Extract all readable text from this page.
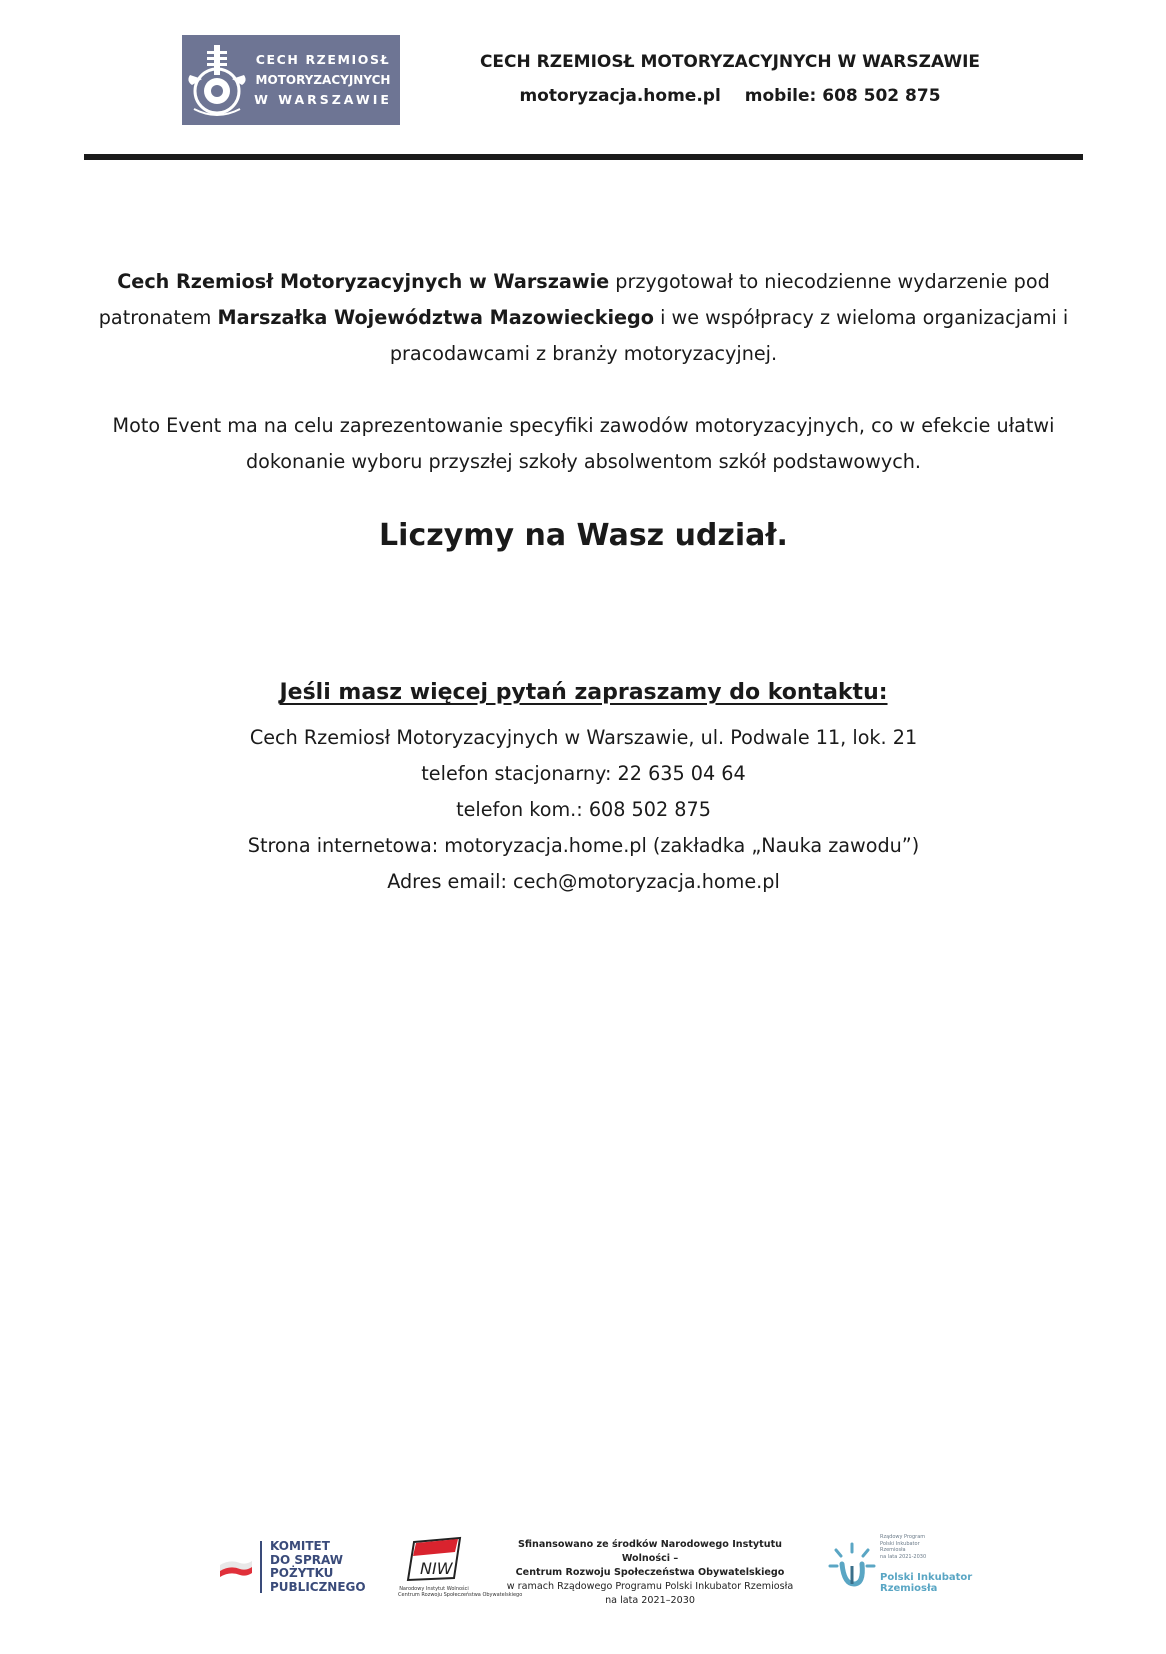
CECH RZEMIOSŁ
MOTORYZACYJNYCH
W WARSZAWIE
CECH RZEMIOSŁ MOTORYZACYJNYCH W WARSZAWIE
motoryzacja.home.pl mobile: 608 502 875
Cech Rzemiosł Motoryzacyjnych w Warszawie przygotował to niecodzienne wydarzenie pod patronatem Marszałka Województwa Mazowieckiego i we współpracy z wieloma organizacjami i pracodawcami z branży motoryzacyjnej.
Moto Event ma na celu zaprezentowanie specyfiki zawodów motoryzacyjnych, co w efekcie ułatwi dokonanie wyboru przyszłej szkoły absolwentom szkół podstawowych.
Liczymy na Wasz udział.
Jeśli masz więcej pytań zapraszamy do kontaktu:
Cech Rzemiosł Motoryzacyjnych w Warszawie, ul. Podwale 11, lok. 21
telefon stacjonarny: 22 635 04 64
telefon kom.: 608 502 875
Strona internetowa: motoryzacja.home.pl (zakładka „Nauka zawodu”)
Adres email: cech@motoryzacja.home.pl
KOMITET
DO SPRAW
POŻYTKU
PUBLICZNEGO
NIW
Narodowy Instytut Wolności
Centrum Rozwoju Społeczeństwa Obywatelskiego
Sfinansowano ze środków Narodowego Instytutu Wolności –
Centrum Rozwoju Społeczeństwa Obywatelskiego
w ramach Rządowego Programu Polski Inkubator Rzemiosła
na lata 2021–2030
Rządowy Program
Polski Inkubator
Rzemiosła
na lata 2021-2030
Polski Inkubator
Rzemiosła
